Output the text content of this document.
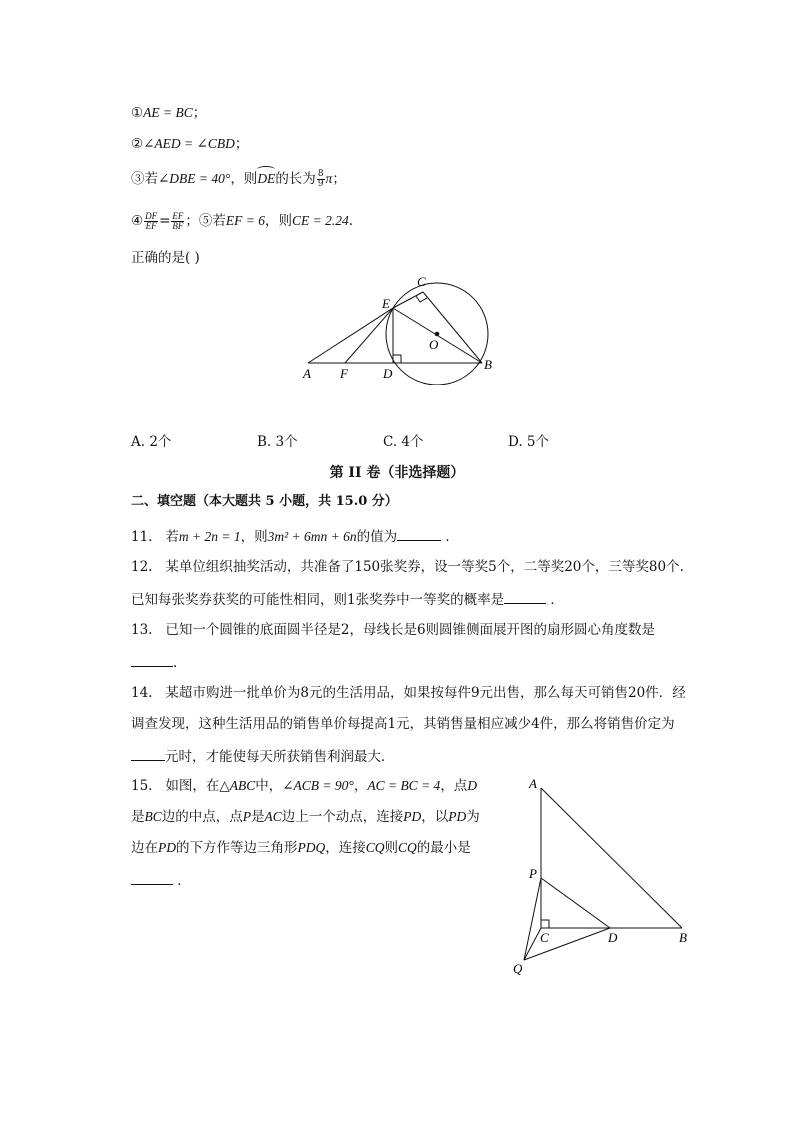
①AE = BC；
②∠AED = ∠CBD；
③若∠DBE = 40°，则DE的长为 $\frac{8}{9}$ π；
④ $\frac{DF}{EF} = \frac{EF}{BF}$ ；⑤若EF = 6，则CE = 2.24.
正确的是( )
A F	D
B
E
C
O
A. 2个	B. 3个	C. 4个	D. 5个
第 II 卷（非选择题）
二、填空题（本大题共 5 小题，共 15.0 分）
11. 若m + 2n = 1，则3m² + 6mn + 6n的值为	．
12. 某单位组织抽奖活动，共准备了150张奖券，设一等奖5个，二等奖20个，三等奖80个.
已知每张奖券获奖的可能性相同，则1张奖券中一等奖的概率是	．
13. 已知一个圆锥的底面圆半径是2，母线长是6则圆锥侧面展开图的扇形圆心角度数是
.
14. 某超市购进一批单价为8元的生活用品，如果按每件9元出售，那么每天可销售20件．经
调查发现，这种生活用品的销售单价每提高1元，其销售量相应减少4件，那么将销售价定为
元时，才能使每天所获销售利润最大．
15. 如图，在△ABC中，∠ACB = 90°，AC = BC = 4，点D
是BC边的中点，点P是AC边上一个动点，连接PD，以PD为
边在PD的下方作等边三角形PDQ，连接CQ则CQ的最小是
．
A
P
C	D	B
Q
